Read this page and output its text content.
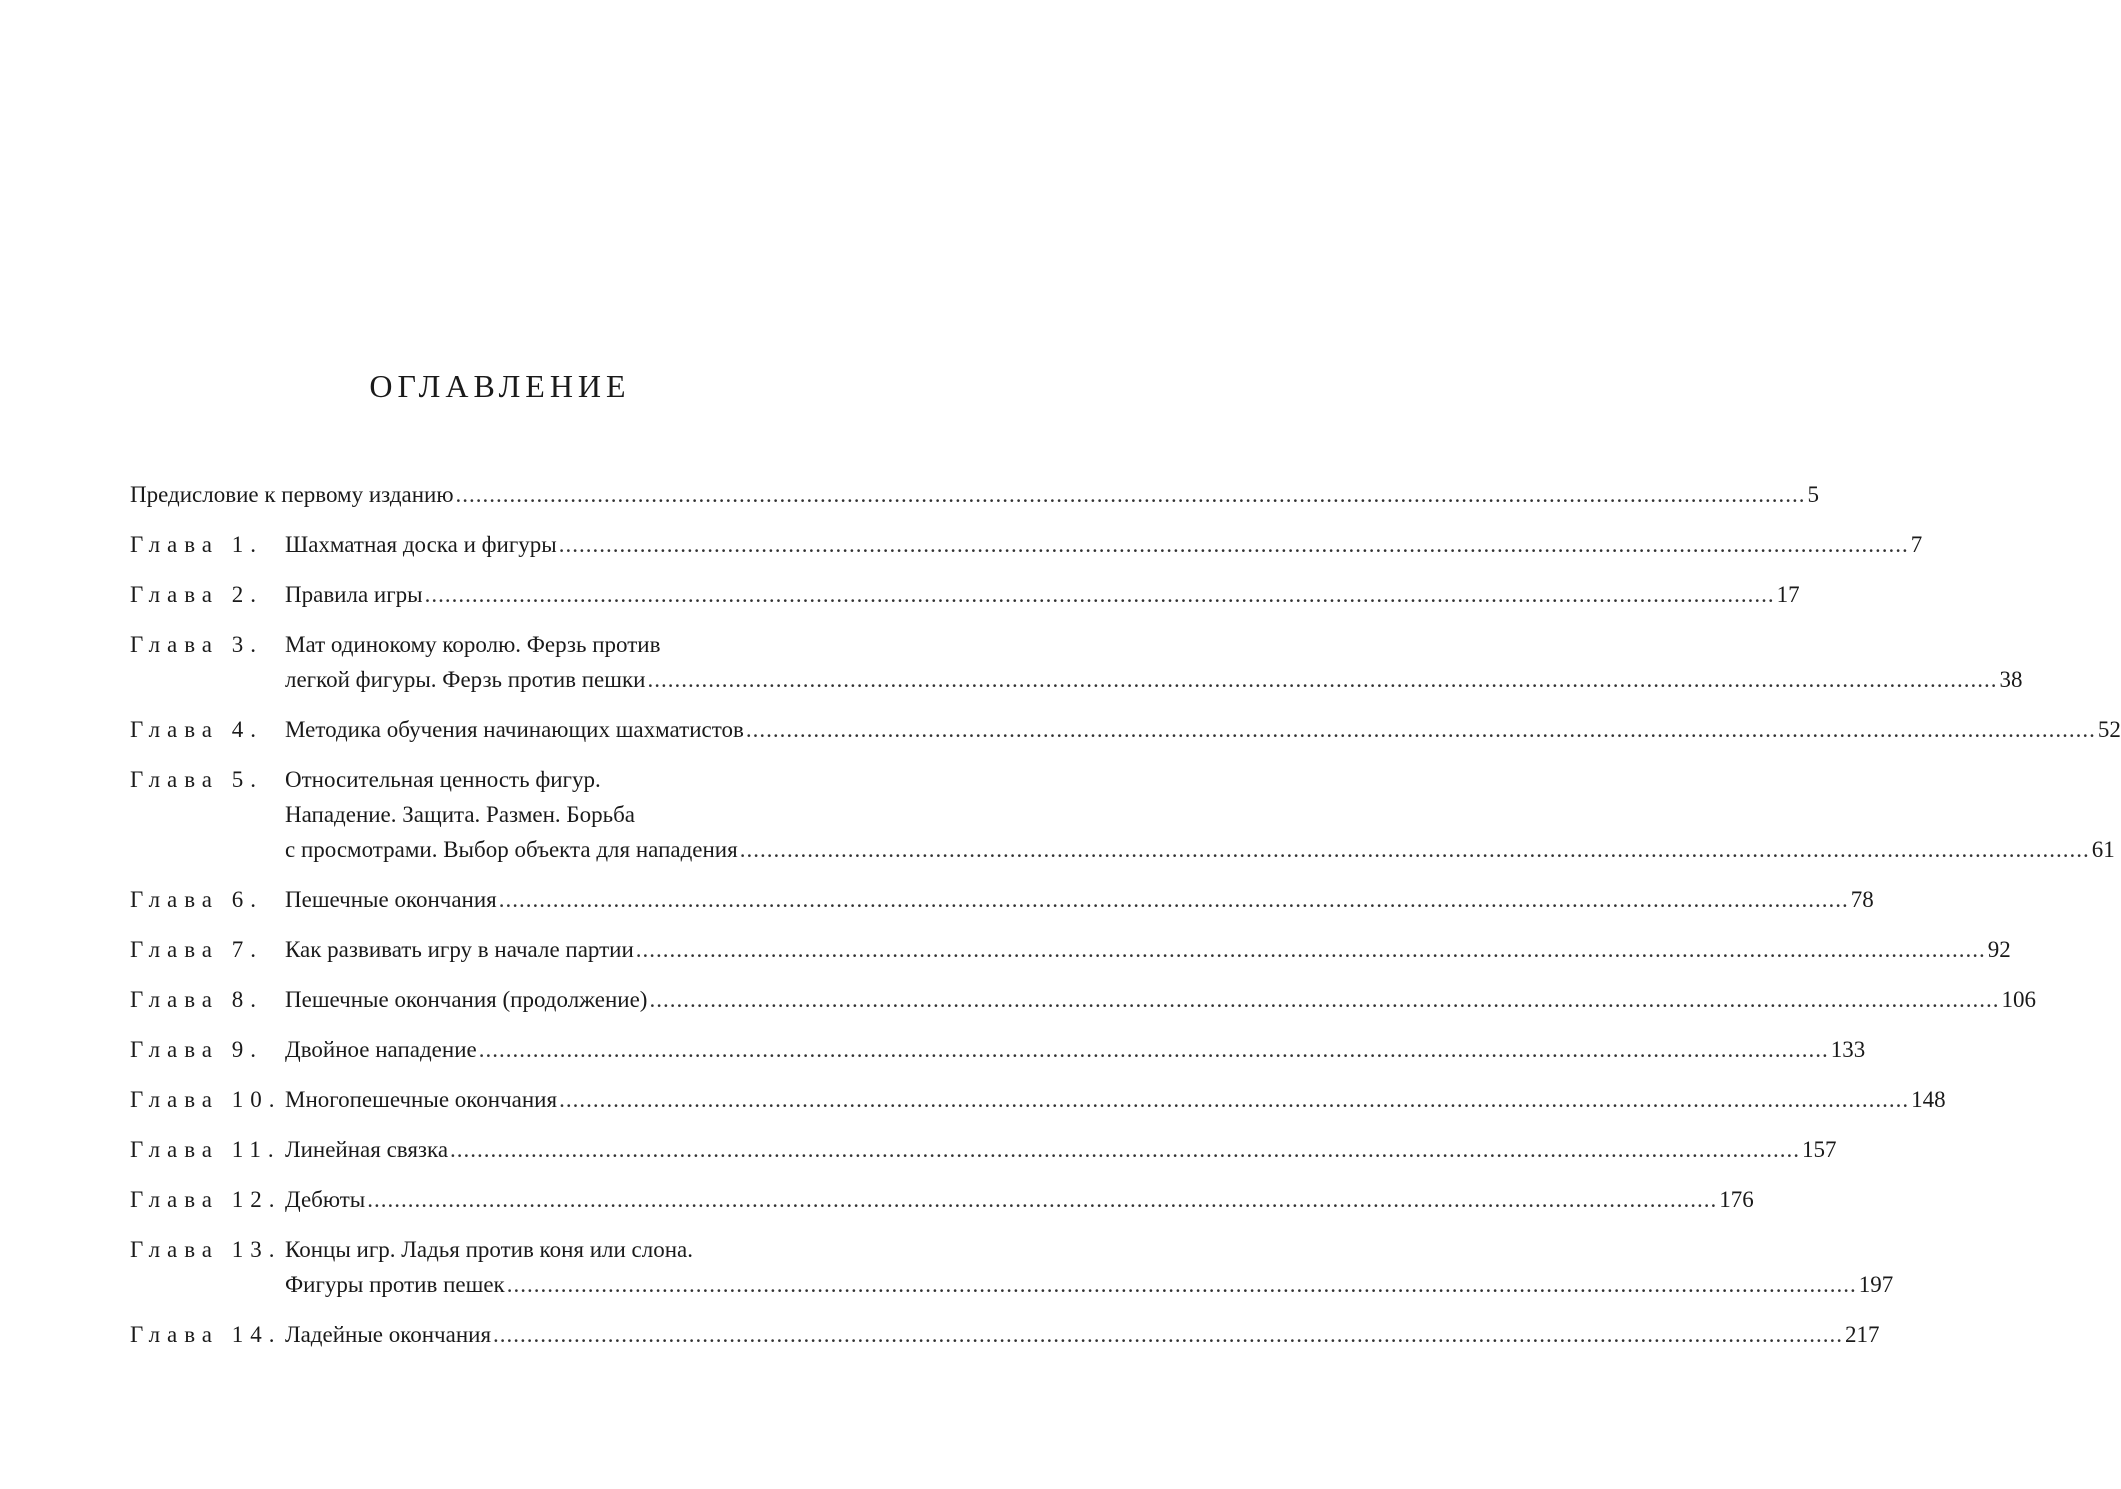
ОГЛАВЛЕНИЕ
Предисловие к первому изданию ........................................................................................................................................................................................................ 5
Глава 1. Шахматная доска и фигуры ........................................................................................................................................................................................................ 7
Глава 2. Правила игры ........................................................................................................................................................................................................ 17
Глава 3. Мат одинокому королю. Ферзь против
легкой фигуры. Ферзь против пешки ........................................................................................................................................................................................................ 38
Глава 4. Методика обучения начинающих шахматистов ........................................................................................................................................................................................................ 52
Глава 5. Относительная ценность фигур.
Нападение. Защита. Размен. Борьба
с просмотрами. Выбор объекта для нападения ........................................................................................................................................................................................................ 61
Глава 6. Пешечные окончания ........................................................................................................................................................................................................ 78
Глава 7. Как развивать игру в начале партии ........................................................................................................................................................................................................ 92
Глава 8. Пешечные окончания (продолжение) ........................................................................................................................................................................................................ 106
Глава 9. Двойное нападение ........................................................................................................................................................................................................ 133
Глава 10. Многопешечные окончания ........................................................................................................................................................................................................ 148
Глава 11. Линейная связка ........................................................................................................................................................................................................ 157
Глава 12. Дебюты ........................................................................................................................................................................................................ 176
Глава 13. Концы игр. Ладья против коня или слона.
Фигуры против пешек ........................................................................................................................................................................................................ 197
Глава 14. Ладейные окончания ........................................................................................................................................................................................................ 217
